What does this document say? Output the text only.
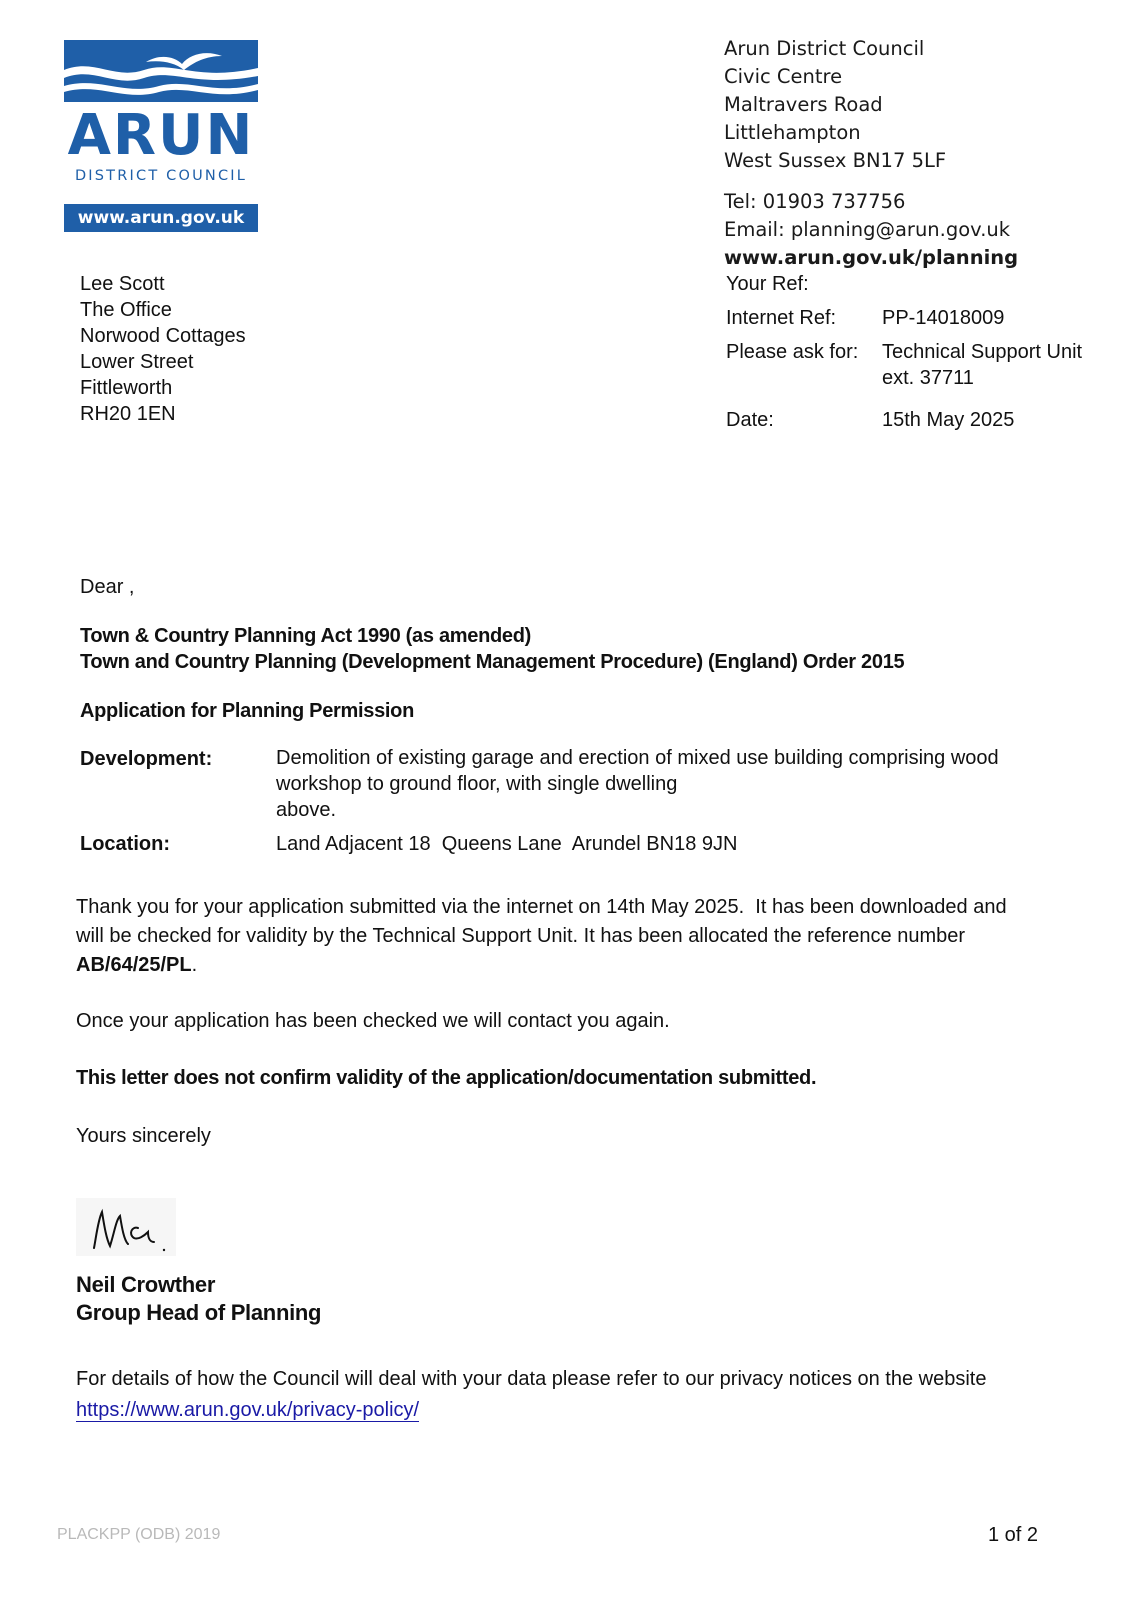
ARUN
DISTRICT COUNCIL
www.arun.gov.uk
Arun District Council
Civic Centre
Maltravers Road
Littlehampton
West Sussex BN17 5LF
Tel: 01903 737756
Email: planning@arun.gov.uk
www.arun.gov.uk/planning
Lee Scott
The Office
Norwood Cottages
Lower Street
Fittleworth
RH20 1EN
Your Ref:
Internet Ref: PP-14018009
Please ask for: Technical Support Unit
ext. 37711
Date:	15th May 2025
Dear ,
Town & Country Planning Act 1990 (as amended)
Town and Country Planning (Development Management Procedure) (England) Order 2015
Application for Planning Permission
Development:	Demolition of existing garage and erection of mixed use building comprising wood
workshop to ground floor, with single dwelling
above.
Location:	Land Adjacent 18  Queens Lane  Arundel BN18 9JN
Thank you for your application submitted via the internet on 14th May 2025.  It has been downloaded and
will be checked for validity by the Technical Support Unit. It has been allocated the reference number
AB/64/25/PL.
Once your application has been checked we will contact you again.
This letter does not confirm validity of the application/documentation submitted.
Yours sincerely
Neil Crowther
Group Head of Planning
For details of how the Council will deal with your data please refer to our privacy notices on the website
https://www.arun.gov.uk/privacy-policy/
PLACKPP (ODB) 2019	1 of 2
